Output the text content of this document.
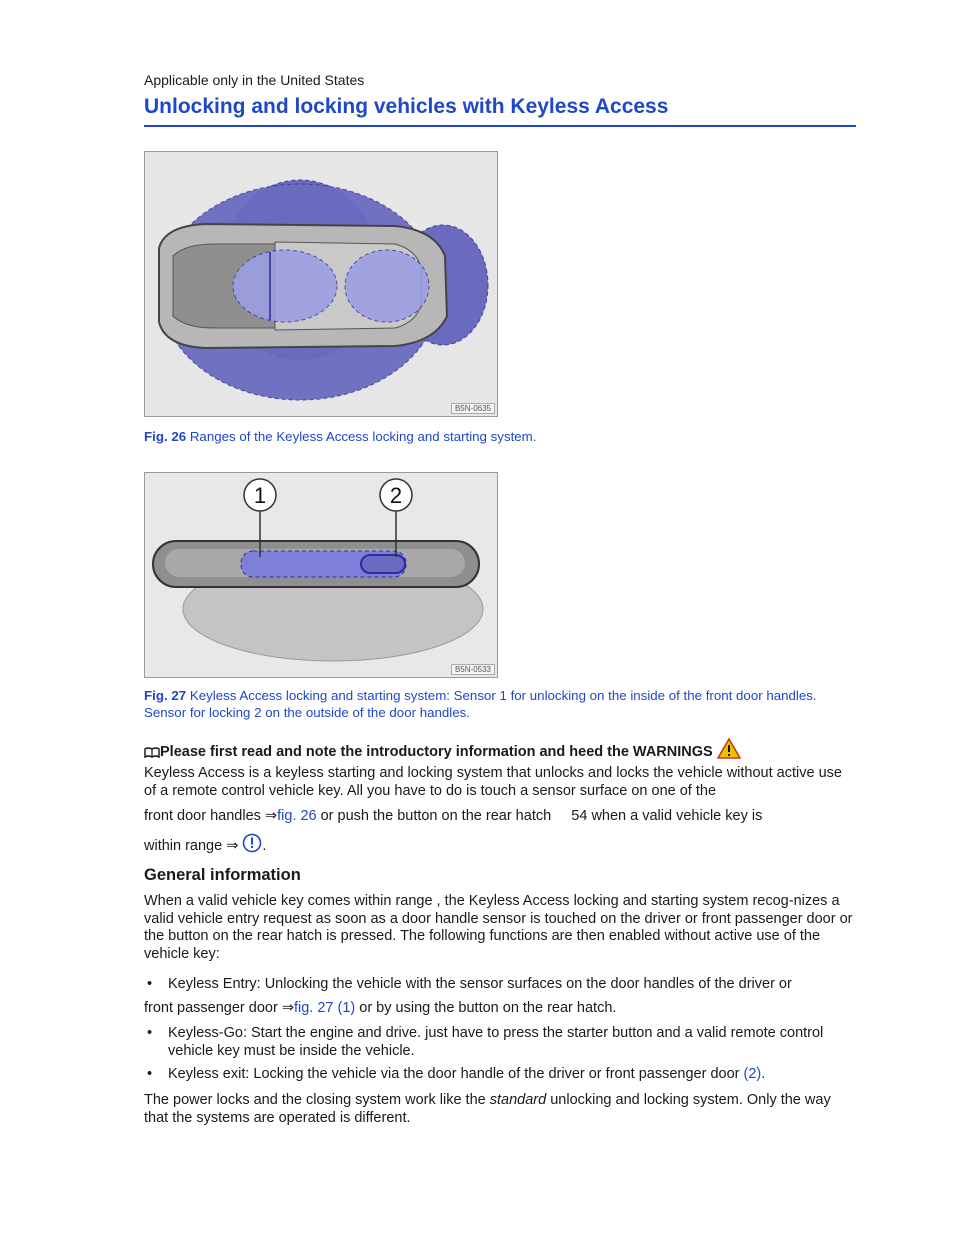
Applicable only in the United States
Unlocking and locking vehicles with Keyless Access
B5N-0635

Fig. 26 Ranges of the Keyless Access locking and starting system.

1	2
B5N-0533

Fig. 27 Keyless Access locking and starting system: Sensor 1 for unlocking on the inside of the front door handles. Sensor for locking 2 on the outside of the door handles.

Please first read and note the introductory information and heed the WARNINGS

Keyless Access is a keyless starting and locking system that unlocks and locks the vehicle without active use of a remote control vehicle key. All you have to do is touch a sensor surface on one of the

front door handles ⇒fig. 26 or push the button on the rear hatch     54 when a valid vehicle key is

within range ⇒ .

General information

When a valid vehicle key comes within range , the Keyless Access locking and starting system recog-nizes a valid vehicle entry request as soon as a door handle sensor is touched on the driver or front passenger door or the button on the rear hatch is pressed. The following functions are then enabled without active use of the vehicle key:

• Keyless Entry: Unlocking the vehicle with the sensor surfaces on the door handles of the driver or
front passenger door ⇒fig. 27 (1) or by using the button on the rear hatch.
• Keyless-Go: Start the engine and drive. just have to press the starter button and a valid remote control vehicle key must be inside the vehicle.
• Keyless exit: Locking the vehicle via the door handle of the driver or front passenger door (2).

The power locks and the closing system work like the standard unlocking and locking system. Only the way that the systems are operated is different.
